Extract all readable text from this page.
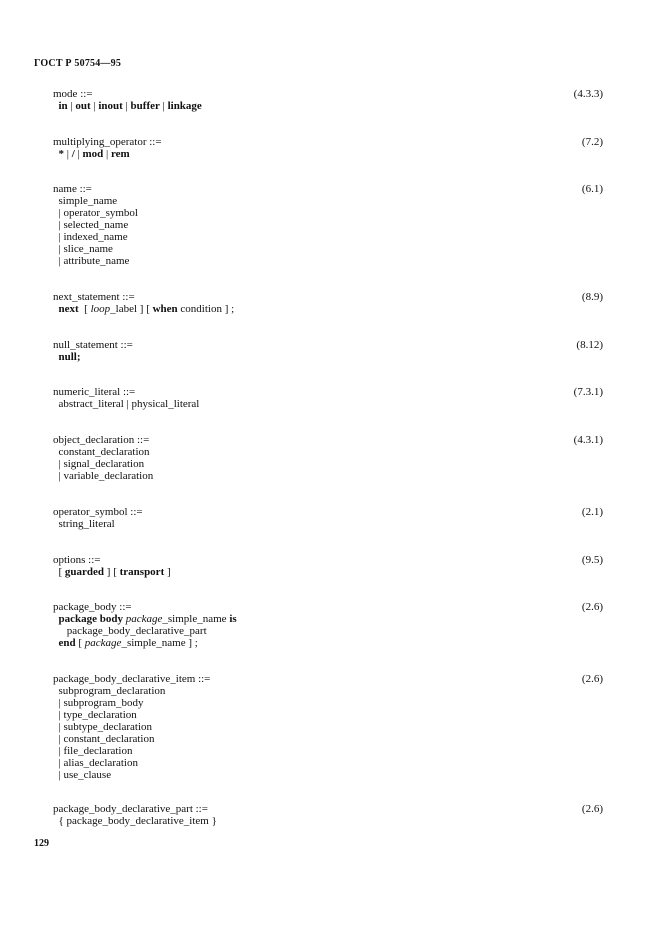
ГОСТ Р 50754—95
mode ::=	(4.3.3)
in | out | inout | buffer | linkage
multiplying_operator ::=	(7.2)
* | / | mod | rem
name ::=	(6.1)
simple_name
| operator_symbol
| selected_name
| indexed_name
| slice_name
| attribute_name
next_statement ::=	(8.9)
next  [ loop_label ] [ when condition ] ;
null_statement ::=	(8.12)
null;
numeric_literal ::=	(7.3.1)
abstract_literal | physical_literal
object_declaration ::=	(4.3.1)
constant_declaration
| signal_declaration
| variable_declaration
operator_symbol ::=	(2.1)
string_literal
options ::=	(9.5)
[ guarded ] [ transport ]
package_body ::=	(2.6)
package body package_simple_name is
package_body_declarative_part
end [ package_simple_name ] ;
package_body_declarative_item ::=	(2.6)
subprogram_declaration
| subprogram_body
| type_declaration
| subtype_declaration
| constant_declaration
| file_declaration
| alias_declaration
| use_clause
package_body_declarative_part ::=	(2.6)
{ package_body_declarative_item }
129
